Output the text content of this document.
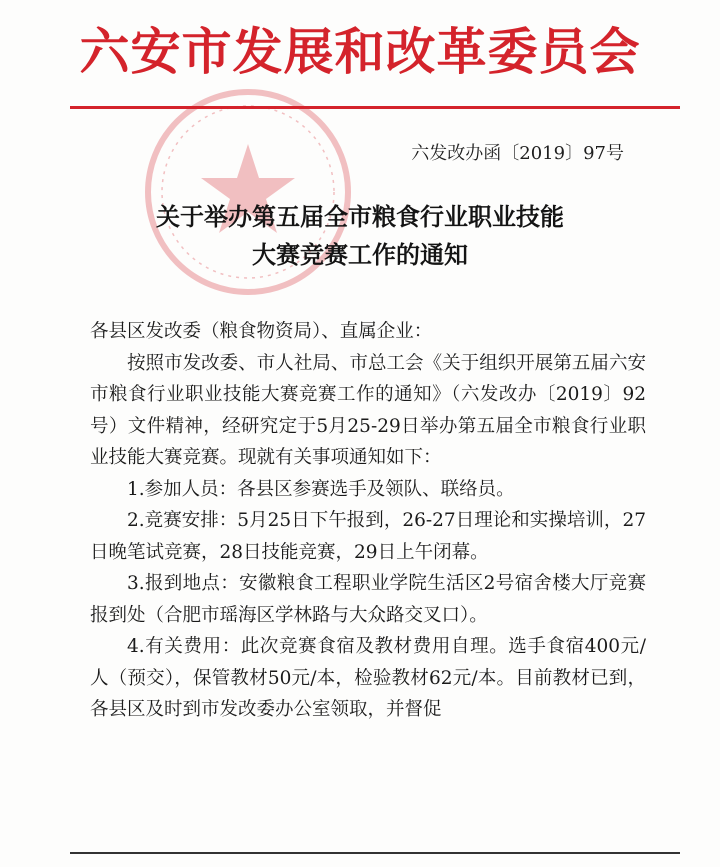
六安市发展和改革委员会
六发改办函〔2019〕97号
关于举办第五届全市粮食行业职业技能
大赛竞赛工作的通知

各县区发改委（粮食物资局）、直属企业：

按照市发改委、市人社局、市总工会《关于组织开展第五届六安市粮食行业职业技能大赛竞赛工作的通知》（六发改办〔2019〕92号）文件精神，经研究定于5月25-29日举办第五届全市粮食行业职业技能大赛竞赛。现就有关事项通知如下：

1.参加人员：各县区参赛选手及领队、联络员。

2.竞赛安排：5月25日下午报到，26-27日理论和实操培训，27日晚笔试竞赛，28日技能竞赛，29日上午闭幕。

3.报到地点：安徽粮食工程职业学院生活区2号宿舍楼大厅竞赛报到处（合肥市瑶海区学林路与大众路交叉口）。

4.有关费用：此次竞赛食宿及教材费用自理。选手食宿400元/人（预交），保管教材50元/本，检验教材62元/本。目前教材已到，各县区及时到市发改委办公室领取，并督促
